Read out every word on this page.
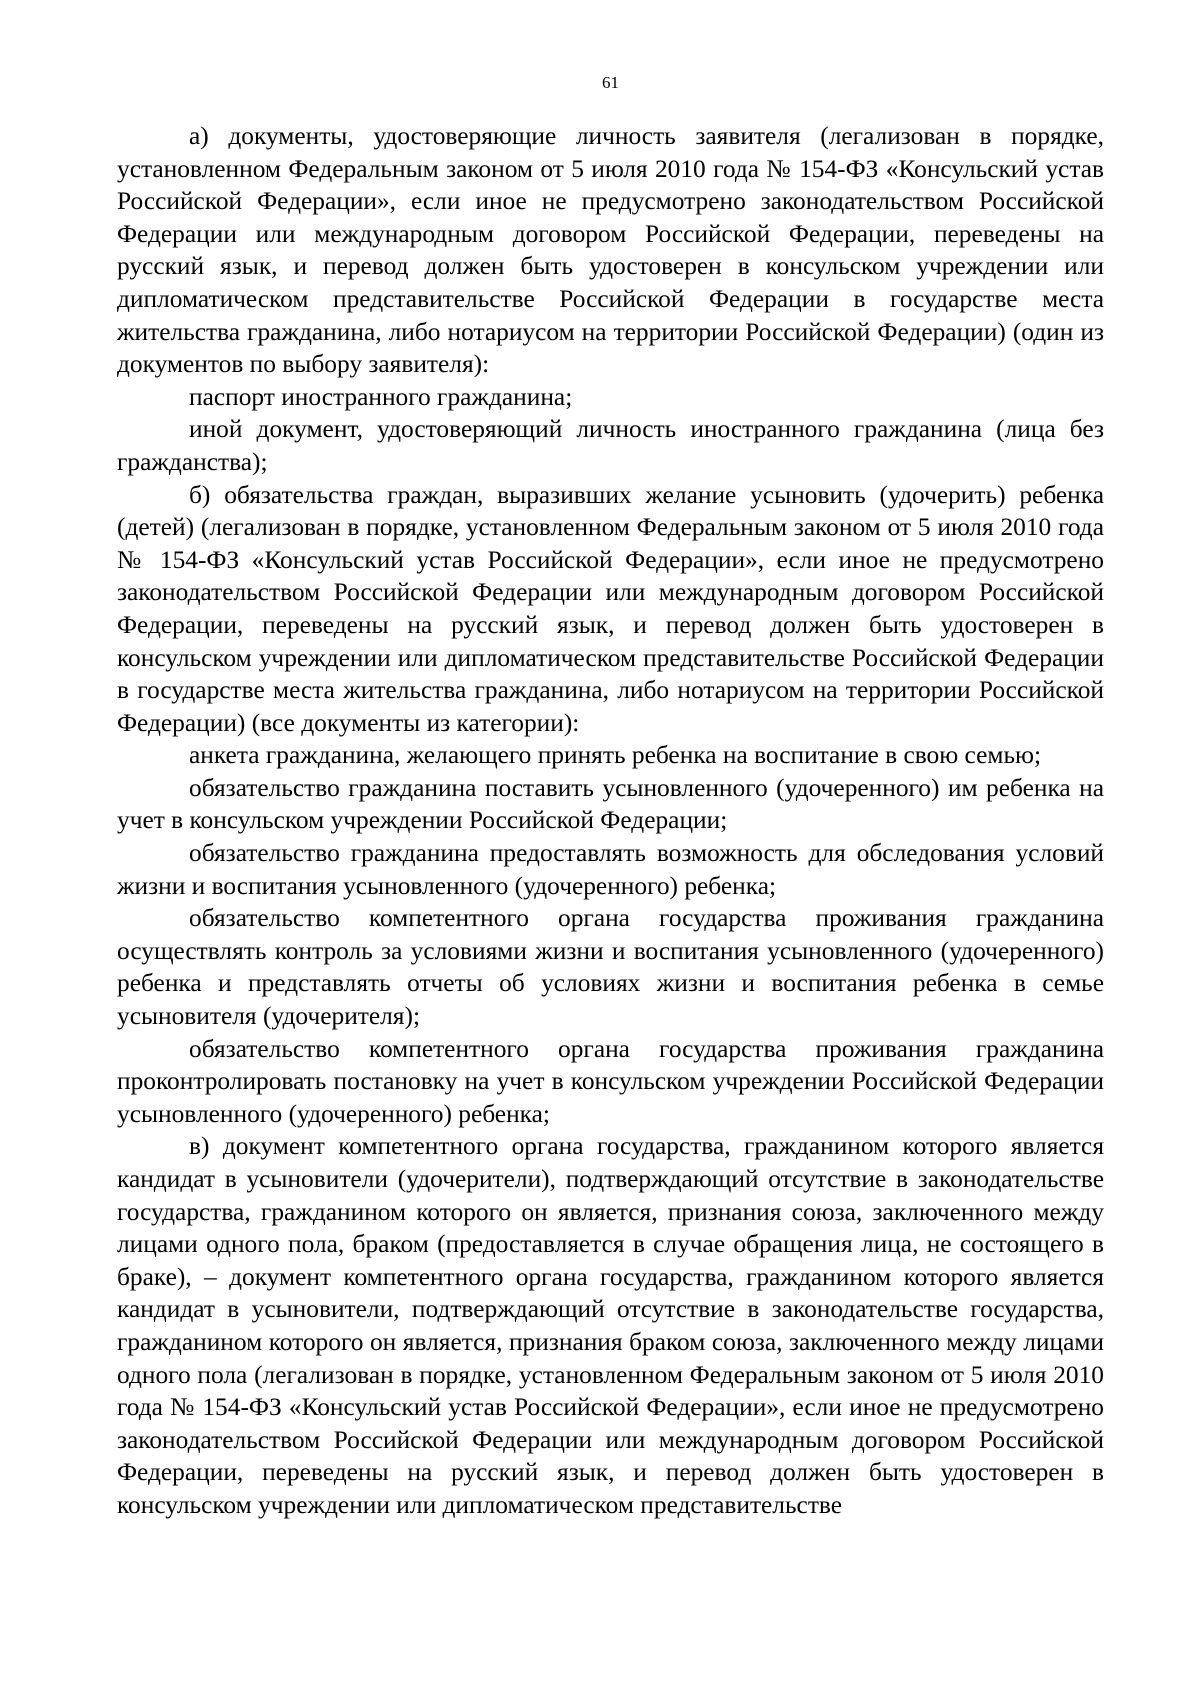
61

а) документы, удостоверяющие личность заявителя (легализован в порядке, установленном Федеральным законом от 5 июля 2010 года № 154-ФЗ «Консульский устав Российской Федерации», если иное не предусмотрено законодательством Российской Федерации или международным договором Российской Федерации, переведены на русский язык, и перевод должен быть удостоверен в консульском учреждении или дипломатическом представительстве Российской Федерации в государстве места жительства гражданина, либо нотариусом на территории Российской Федерации) (один из документов по выбору заявителя):

паспорт иностранного гражданина;

иной документ, удостоверяющий личность иностранного гражданина (лица без гражданства);

б) обязательства граждан, выразивших желание усыновить (удочерить) ребенка (детей) (легализован в порядке, установленном Федеральным законом от 5 июля 2010 года № 154-ФЗ «Консульский устав Российской Федерации», если иное не предусмотрено законодательством Российской Федерации или международным договором Российской Федерации, переведены на русский язык, и перевод должен быть удостоверен в консульском учреждении или дипломатическом представительстве Российской Федерации в государстве места жительства гражданина, либо нотариусом на территории Российской Федерации) (все документы из категории):

анкета гражданина, желающего принять ребенка на воспитание в свою семью;

обязательство гражданина поставить усыновленного (удочеренного) им ребенка на учет в консульском учреждении Российской Федерации;

обязательство гражданина предоставлять возможность для обследования условий жизни и воспитания усыновленного (удочеренного) ребенка;

обязательство компетентного органа государства проживания гражданина осуществлять контроль за условиями жизни и воспитания усыновленного (удочеренного) ребенка и представлять отчеты об условиях жизни и воспитания ребенка в семье усыновителя (удочерителя);

обязательство компетентного органа государства проживания гражданина проконтролировать постановку на учет в консульском учреждении Российской Федерации усыновленного (удочеренного) ребенка;

в) документ компетентного органа государства, гражданином которого является кандидат в усыновители (удочерители), подтверждающий отсутствие в законодательстве государства, гражданином которого он является, признания союза, заключенного между лицами одного пола, браком (предоставляется в случае обращения лица, не состоящего в браке), – документ компетентного органа государства, гражданином которого является кандидат в усыновители, подтверждающий отсутствие в законодательстве государства, гражданином которого он является, признания браком союза, заключенного между лицами одного пола (легализован в порядке, установленном Федеральным законом от 5 июля 2010 года № 154-ФЗ «Консульский устав Российской Федерации», если иное не предусмотрено законодательством Российской Федерации или международным договором Российской Федерации, переведены на русский язык, и перевод должен быть удостоверен в консульском учреждении или дипломатическом представительстве
